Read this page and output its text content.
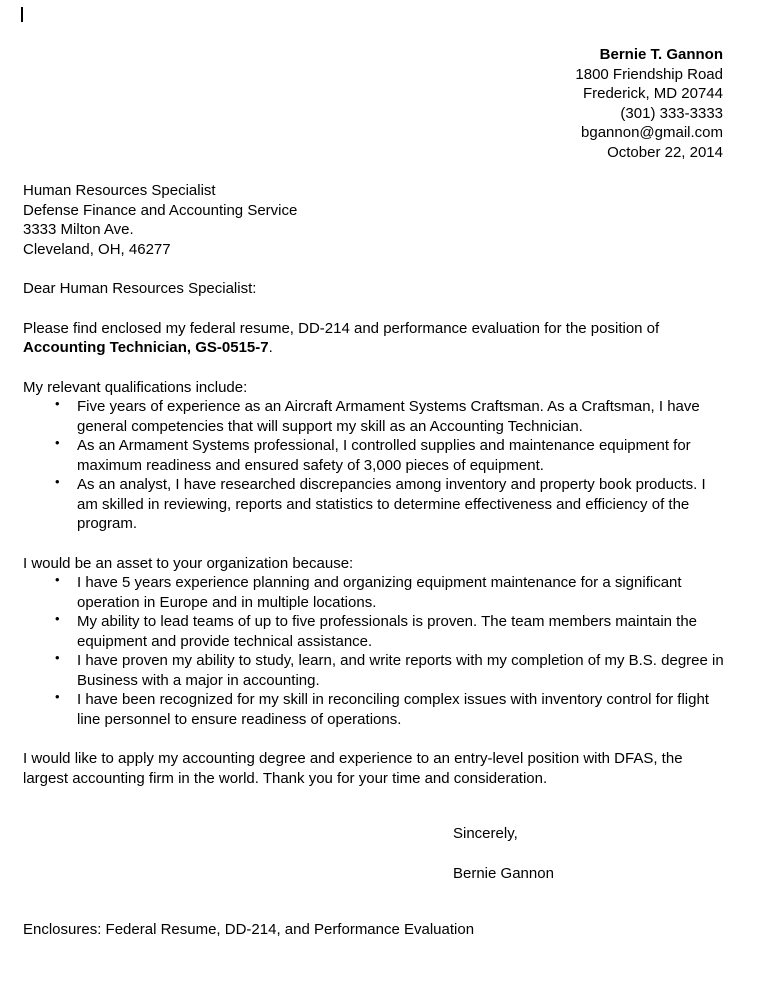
Bernie T. Gannon
1800 Friendship Road
Frederick, MD 20744
(301) 333-3333
bgannon@gmail.com
October 22, 2014
Human Resources Specialist
Defense Finance and Accounting Service
3333 Milton Ave.
Cleveland, OH, 46277
Dear Human Resources Specialist:
Please find enclosed my federal resume, DD-214 and performance evaluation for the position of Accounting Technician, GS-0515-7.
My relevant qualifications include:
•	Five years of experience as an Aircraft Armament Systems Craftsman. As a Craftsman, I have general competencies that will support my skill as an Accounting Technician.
•	As an Armament Systems professional, I controlled supplies and maintenance equipment for maximum readiness and ensured safety of 3,000 pieces of equipment.
•	As an analyst, I have researched discrepancies among inventory and property book products. I am skilled in reviewing, reports and statistics to determine effectiveness and efficiency of the program.
I would be an asset to your organization because:
•	I have 5 years experience planning and organizing equipment maintenance for a significant operation in Europe and in multiple locations.
•	My ability to lead teams of up to five professionals is proven. The team members maintain the equipment and provide technical assistance.
•	I have proven my ability to study, learn, and write reports with my completion of my B.S. degree in Business with a major in accounting.
•	I have been recognized for my skill in reconciling complex issues with inventory control for flight line personnel to ensure readiness of operations.
I would like to apply my accounting degree and experience to an entry-level position with DFAS, the largest accounting firm in the world. Thank you for your time and consideration.
Sincerely,
Bernie Gannon
Enclosures: Federal Resume, DD-214, and Performance Evaluation
